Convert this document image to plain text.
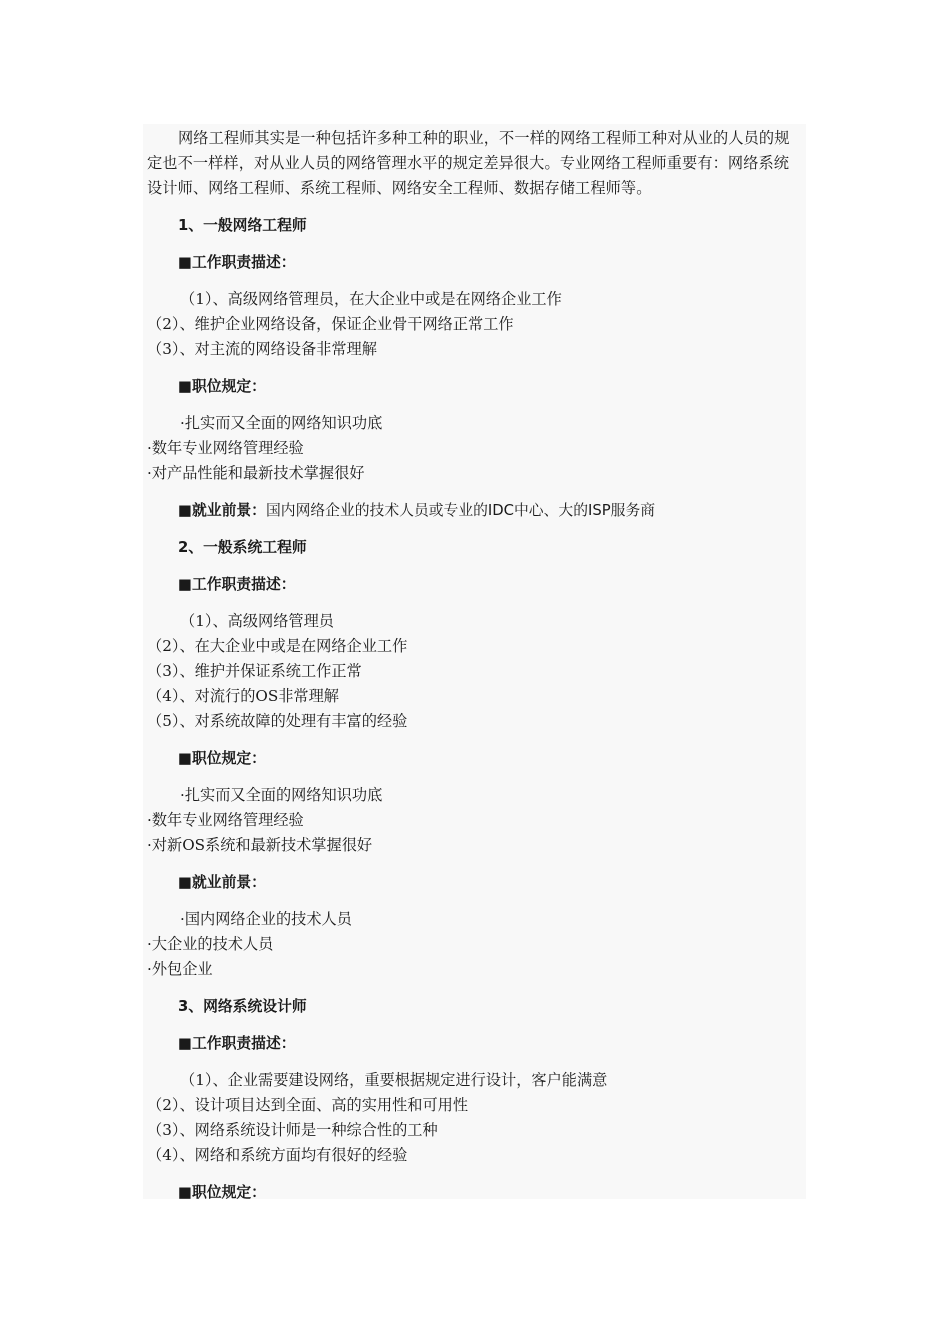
网络工程师其实是一种包括许多种工种的职业，不一样的网络工程师工种对从业的人员的规定也不一样样，对从业人员的网络管理水平的规定差异很大。专业网络工程师重要有：网络系统设计师、网络工程师、系统工程师、网络安全工程师、数据存储工程师等。

1、一般网络工程师

■工作职责描述：

（1）、高级网络管理员，在大企业中或是在网络企业工作
（2）、维护企业网络设备，保证企业骨干网络正常工作
（3）、对主流的网络设备非常理解

■职位规定：

·扎实而又全面的网络知识功底
·数年专业网络管理经验
·对产品性能和最新技术掌握很好

■就业前景：国内网络企业的技术人员或专业的IDC中心、大的ISP服务商

2、一般系统工程师

■工作职责描述：

（1）、高级网络管理员
（2）、在大企业中或是在网络企业工作
（3）、维护并保证系统工作正常
（4）、对流行的OS非常理解
（5）、对系统故障的处理有丰富的经验

■职位规定：

·扎实而又全面的网络知识功底
·数年专业网络管理经验
·对新OS系统和最新技术掌握很好

■就业前景：

·国内网络企业的技术人员
·大企业的技术人员
·外包企业

3、网络系统设计师

■工作职责描述：

（1）、企业需要建设网络，重要根据规定进行设计，客户能满意
（2）、设计项目达到全面、高的实用性和可用性
（3）、网络系统设计师是一种综合性的工种
（4）、网络和系统方面均有很好的经验

■职位规定：
